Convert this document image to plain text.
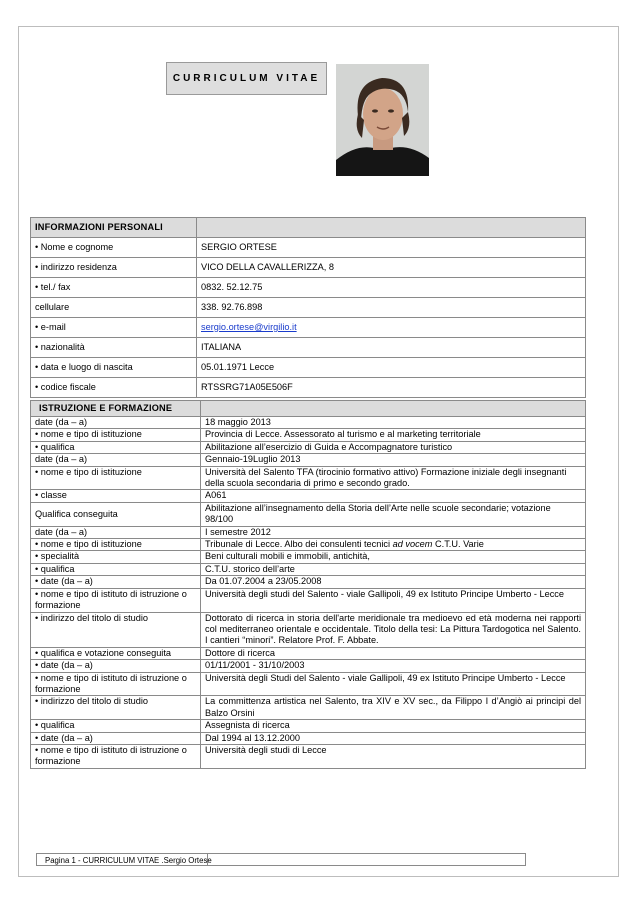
CURRICULUM VITAE
INFORMAZIONI PERSONALI	
• Nome e cognome	SERGIO ORTESE
• indirizzo residenza	VICO DELLA CAVALLERIZZA, 8
• tel./ fax	0832. 52.12.75
cellulare	338. 92.76.898
• e-mail	sergio.ortese@virgilio.it
• nazionalità	ITALIANA
• data e luogo di nascita	05.01.1971 Lecce
• codice fiscale	RTSSRG71A05E506F
ISTRUZIONE E FORMAZIONE	
date (da – a)	18 maggio 2013
• nome e tipo di istituzione	Provincia di Lecce. Assessorato al turismo e al marketing territoriale
• qualifica	Abilitazione all’esercizio di Guida e Accompagnatore turistico
date (da – a)	Gennaio-19Luglio 2013
• nome e tipo di istituzione	Università del Salento TFA (tirocinio formativo attivo) Formazione iniziale degli insegnanti della scuola secondaria di primo e secondo grado.
• classe	A061
Qualifica conseguita	Abilitazione all’insegnamento della Storia dell’Arte nelle scuole secondarie; votazione 98/100
date (da – a)	I semestre 2012
• nome e tipo di istituzione	Tribunale di Lecce. Albo dei consulenti tecnici ad vocem C.T.U. Varie
• specialità	Beni culturali mobili e immobili, antichità,
• qualifica	C.T.U. storico dell’arte
• date (da – a)	Da 01.07.2004 a 23/05.2008
• nome e tipo di istituto di istruzione o formazione	Università degli studi del Salento - viale Gallipoli, 49 ex Istituto Principe Umberto - Lecce
• indirizzo del titolo di studio	Dottorato di ricerca in storia dell'arte meridionale tra medioevo ed età moderna nei rapporti col mediterraneo orientale e occidentale. Titolo della tesi: La Pittura Tardogotica nel Salento. I cantieri “minori”. Relatore Prof. F. Abbate.
• qualifica e votazione conseguita	Dottore di ricerca
• date (da – a)	01/11/2001 - 31/10/2003
• nome e tipo di istituto di istruzione o formazione	Università degli Studi del Salento - viale Gallipoli, 49 ex Istituto Principe Umberto - Lecce
• indirizzo del titolo di studio	La committenza artistica nel Salento, tra XIV e XV sec., da Filippo I d’Angiò ai principi del Balzo Orsini
• qualifica	Assegnista di ricerca
• date (da – a)	Dal 1994 al 13.12.2000
• nome e tipo di istituto di istruzione o formazione	Università degli studi di Lecce
Pagina 1 - CURRICULUM VITAE .Sergio Ortese
